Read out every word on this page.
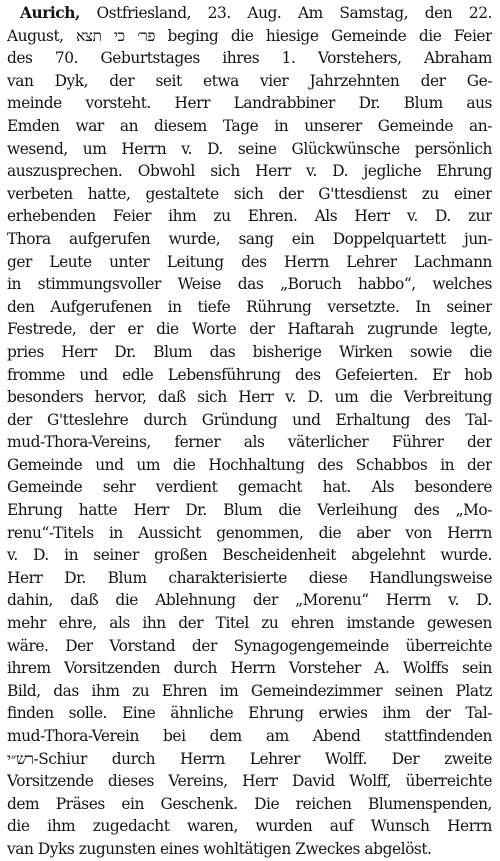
Aurich, Ostfriesland, 23. Aug. Am Samstag, den 22.
August, פר׳ כי תצא beging die hiesige Gemeinde die Feier
des 70. Geburtstages ihres 1. Vorstehers, Abraham
van Dyk, der seit etwa vier Jahrzehnten der Ge-
meinde vorsteht. Herr Landrabbiner Dr. Blum aus
Emden war an diesem Tage in unserer Gemeinde an-
wesend, um Herrn v. D. seine Glückwünsche persönlich
auszusprechen. Obwohl sich Herr v. D. jegliche Ehrung
verbeten hatte, gestaltete sich der G'ttesdienst zu einer
erhebenden Feier ihm zu Ehren. Als Herr v. D. zur
Thora aufgerufen wurde, sang ein Doppelquartett jun-
ger Leute unter Leitung des Herrn Lehrer Lachmann
in stimmungsvoller Weise das „Boruch habbo“, welches
den Aufgerufenen in tiefe Rührung versetzte. In seiner
Festrede, der er die Worte der Haftarah zugrunde legte,
pries Herr Dr. Blum das bisherige Wirken sowie die
fromme und edle Lebensführung des Gefeierten. Er hob
besonders hervor, daß sich Herr v. D. um die Verbreitung
der G'tteslehre durch Gründung und Erhaltung des Tal-
mud-Thora-Vereins, ferner als väterlicher Führer der
Gemeinde und um die Hochhaltung des Schabbos in der
Gemeinde sehr verdient gemacht hat. Als besondere
Ehrung hatte Herr Dr. Blum die Verleihung des „Mo-
renu“-Titels in Aussicht genommen, die aber von Herrn
v. D. in seiner großen Bescheidenheit abgelehnt wurde.
Herr Dr. Blum charakterisierte diese Handlungsweise
dahin, daß die Ablehnung der „Morenu“ Herrn v. D.
mehr ehre, als ihn der Titel zu ehren imstande gewesen
wäre. Der Vorstand der Synagogengemeinde überreichte
ihrem Vorsitzenden durch Herrn Vorsteher A. Wolffs sein
Bild, das ihm zu Ehren im Gemeindezimmer seinen Platz
finden solle. Eine ähnliche Ehrung erwies ihm der Tal-
mud-Thora-Verein bei dem am Abend stattfindenden
רש״י-Schiur durch Herrn Lehrer Wolff. Der zweite
Vorsitzende dieses Vereins, Herr David Wolff, überreichte
dem Präses ein Geschenk. Die reichen Blumenspenden,
die ihm zugedacht waren, wurden auf Wunsch Herrn
van Dyks zugunsten eines wohltätigen Zweckes abgelöst.
